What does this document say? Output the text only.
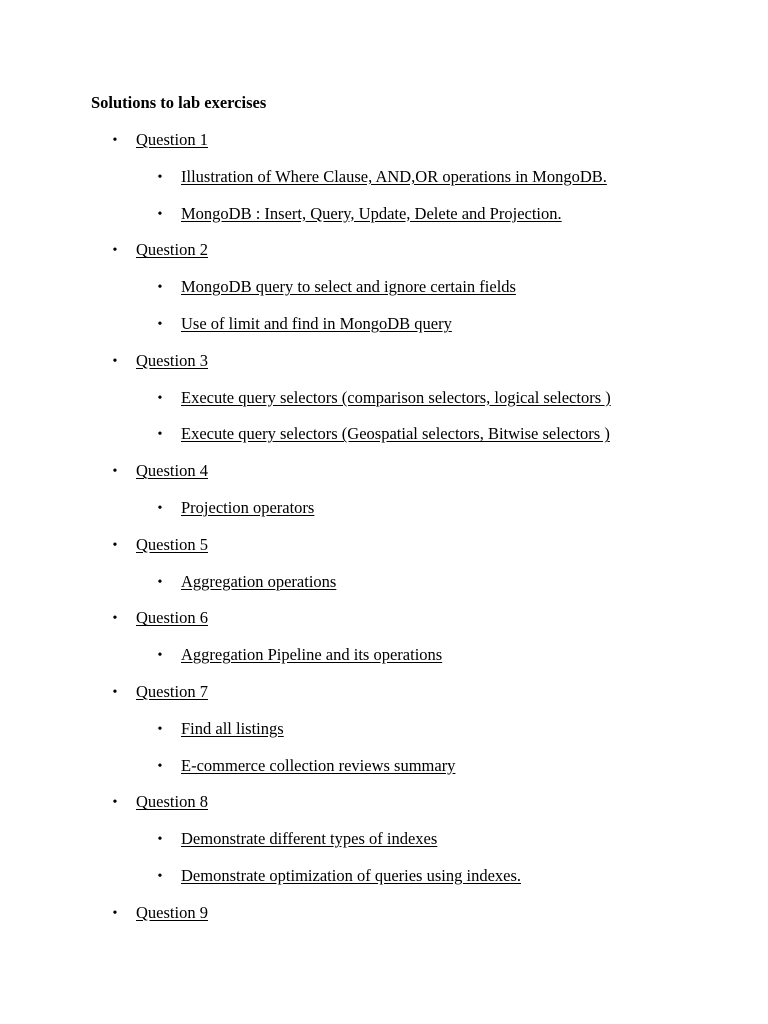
Solutions to lab exercises

• Question 1
• Illustration of Where Clause, AND,OR operations in MongoDB.
• MongoDB : Insert, Query, Update, Delete and Projection.
• Question 2
• MongoDB query to select and ignore certain fields
• Use of limit and find in MongoDB query
• Question 3
• Execute query selectors (comparison selectors, logical selectors )
• Execute query selectors (Geospatial selectors, Bitwise selectors )
• Question 4
• Projection operators
• Question 5
• Aggregation operations
• Question 6
• Aggregation Pipeline and its operations
• Question 7
• Find all listings
• E-commerce collection reviews summary
• Question 8
• Demonstrate different types of indexes
• Demonstrate optimization of queries using indexes.
• Question 9
